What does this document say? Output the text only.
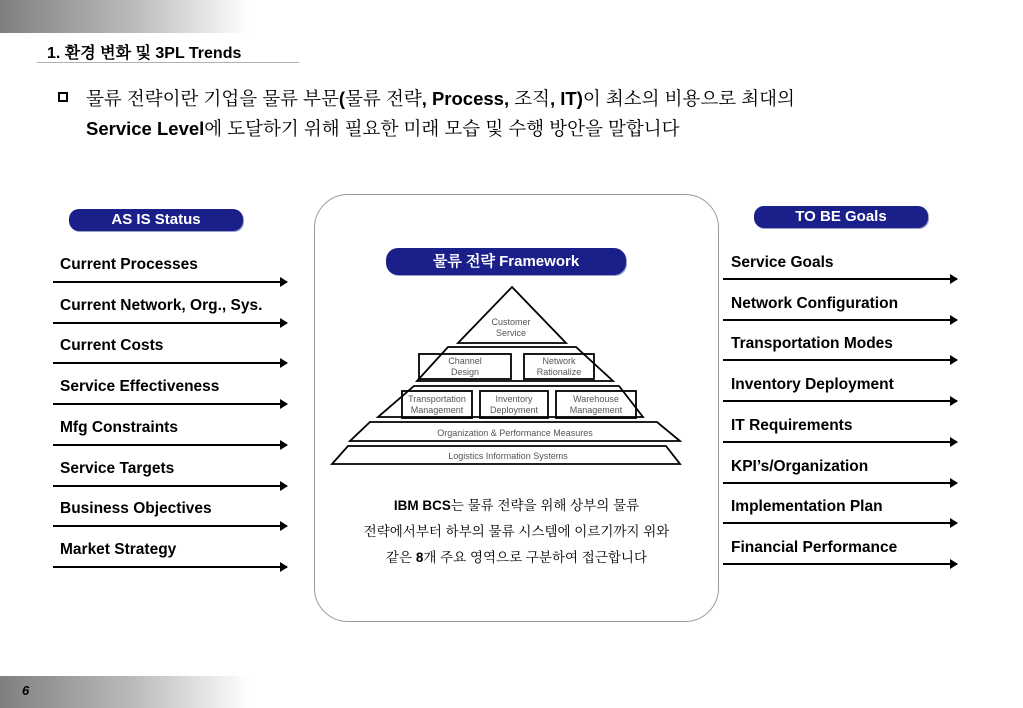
1. 환경 변화 및 3PL Trends
물류 전략이란 기업을 물류 부문(물류 전략, Process, 조직, IT)이 최소의 비용으로 최대의
Service Level에 도달하기 위해 필요한 미래 모습 및 수행 방안을 말합니다
AS IS Status	TO BE Goals
Current Processes
Current Network, Org., Sys.
Current Costs
Service Effectiveness
Mfg Constraints
Service Targets
Business Objectives
Market Strategy
Service Goals
Network Configuration
Transportation Modes
Inventory Deployment
IT Requirements
KPI’s/Organization
Implementation Plan
Financial Performance
물류 전략 Framework
Customer
Service
Channel
Design
Network
Rationalize
Transportation
Management
Inventory
Deployment
Warehouse
Management
Organization & Performance Measures
Logistics Information Systems
IBM BCS는 물류 전략을 위해 상부의 물류
전략에서부터 하부의 물류 시스템에 이르기까지 위와
같은 8개 주요 영역으로 구분하여 접근합니다
6
